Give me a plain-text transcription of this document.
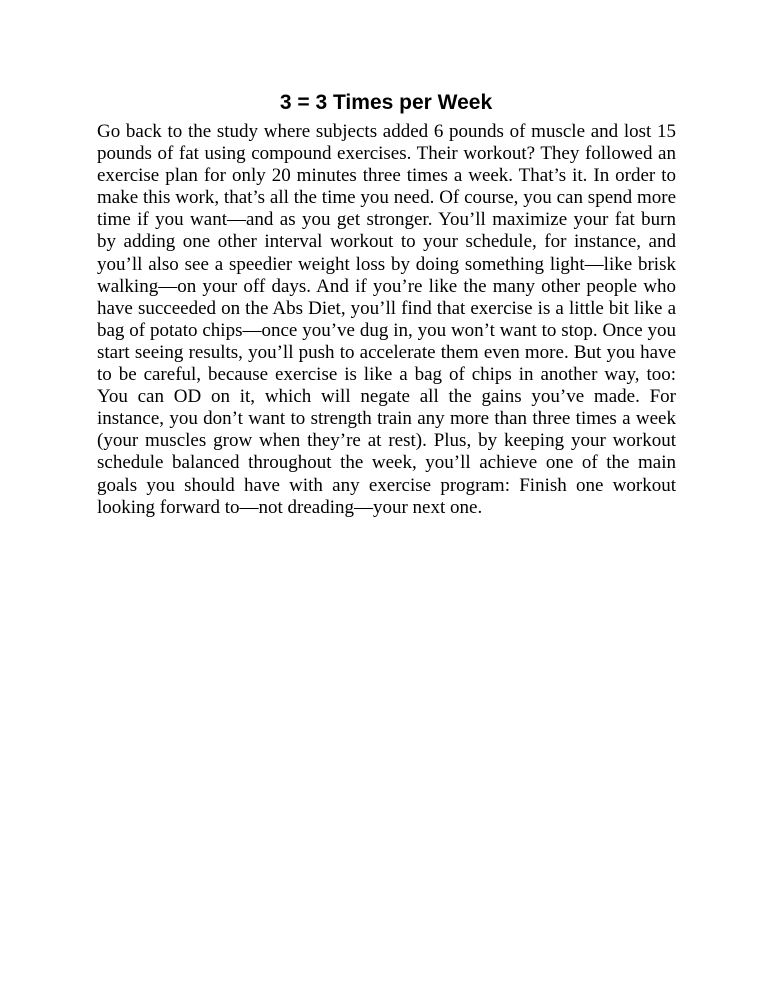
3 = 3 Times per Week

Go back to the study where subjects added 6 pounds of muscle and lost 15 pounds of fat using compound exercises. Their workout? They followed an exercise plan for only 20 minutes three times a week. That’s it. In order to make this work, that’s all the time you need. Of course, you can spend more time if you want—and as you get stronger. You’ll maximize your fat burn by adding one other interval workout to your schedule, for instance, and you’ll also see a speedier weight loss by doing something light—like brisk walking—on your off days. And if you’re like the many other people who have succeeded on the Abs Diet, you’ll find that exercise is a little bit like a bag of potato chips—once you’ve dug in, you won’t want to stop. Once you start seeing results, you’ll push to accelerate them even more. But you have to be careful, because exercise is like a bag of chips in another way, too: You can OD on it, which will negate all the gains you’ve made. For instance, you don’t want to strength train any more than three times a week (your muscles grow when they’re at rest). Plus, by keeping your workout schedule balanced throughout the week, you’ll achieve one of the main goals you should have with any exercise program: Finish one workout looking forward to—not dreading—your next one.
